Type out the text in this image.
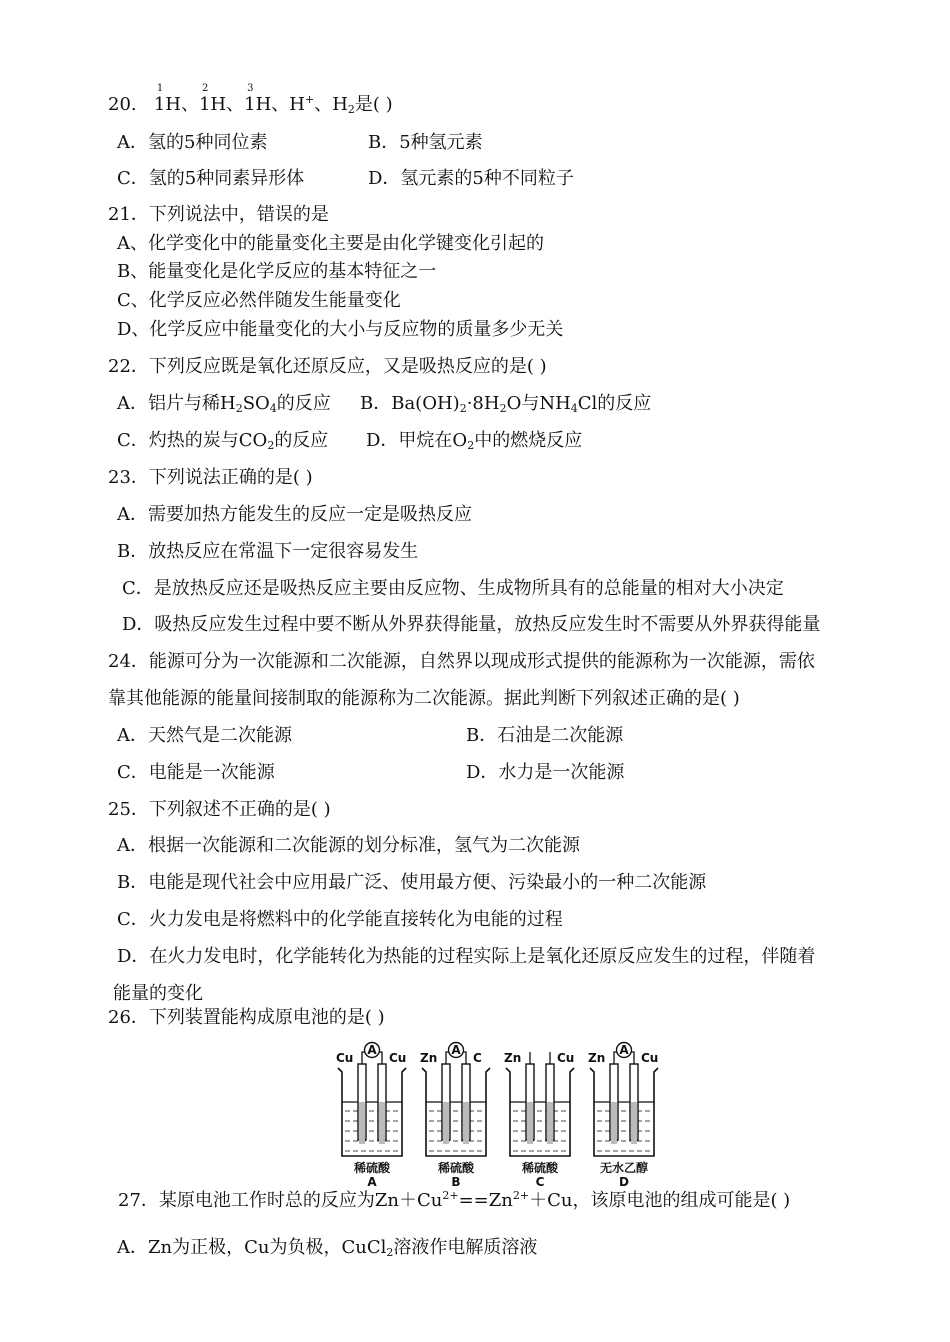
20.
1
1H、
2
1H、
3
1H、H+、$H_2$是( )
A．氢的5种同位素	B．5种氢元素
C．氢的5种同素异形体	D．氢元素的5种不同粒子
21．下列说法中，错误的是
A、化学变化中的能量变化主要是由化学键变化引起的
B、能量变化是化学反应的基本特征之一
C、化学反应必然伴随发生能量变化
D、化学反应中能量变化的大小与反应物的质量多少无关
22．下列反应既是氧化还原反应，又是吸热反应的是( )
A．铝片与稀$H_2SO_4$的反应 B．$Ba(OH)_2\cdot 8H_2O$与$NH_4Cl$的反应
C．灼热的炭与$CO_2$的反应 D．甲烷在$O_2$中的燃烧反应
23．下列说法正确的是( )
A．需要加热方能发生的反应一定是吸热反应
B．放热反应在常温下一定很容易发生
C．是放热反应还是吸热反应主要由反应物、生成物所具有的总能量的相对大小决定
D．吸热反应发生过程中要不断从外界获得能量，放热反应发生时不需要从外界获得能量
24．能源可分为一次能源和二次能源，自然界以现成形式提供的能源称为一次能源，需依
靠其他能源的能量间接制取的能源称为二次能源。据此判断下列叙述正确的是( )
A．天然气是二次能源	B．石油是二次能源
C．电能是一次能源	D．水力是一次能源
25．下列叙述不正确的是( )
A．根据一次能源和二次能源的划分标准，氢气为二次能源
B．电能是现代社会中应用最广泛、使用最方便、污染最小的一种二次能源
C．火力发电是将燃料中的化学能直接转化为电能的过程
D．在火力发电时，化学能转化为热能的过程实际上是氧化还原反应发生的过程，伴随着
能量的变化
26．下列装置能构成原电池的是( )
A
Cu	Cu
稀硫酸
A
A
Zn	C
稀硫酸
B
Zn	Cu
稀硫酸
C
A
Zn	Cu
无水乙醇
D
27．某原电池工作时总的反应为$Zn+Cu^{2+}==Zn^{2+}+Cu$，该原电池的组成可能是( )
A．Zn为正极，Cu为负极，CuCl$_2$溶液作电解质溶液
